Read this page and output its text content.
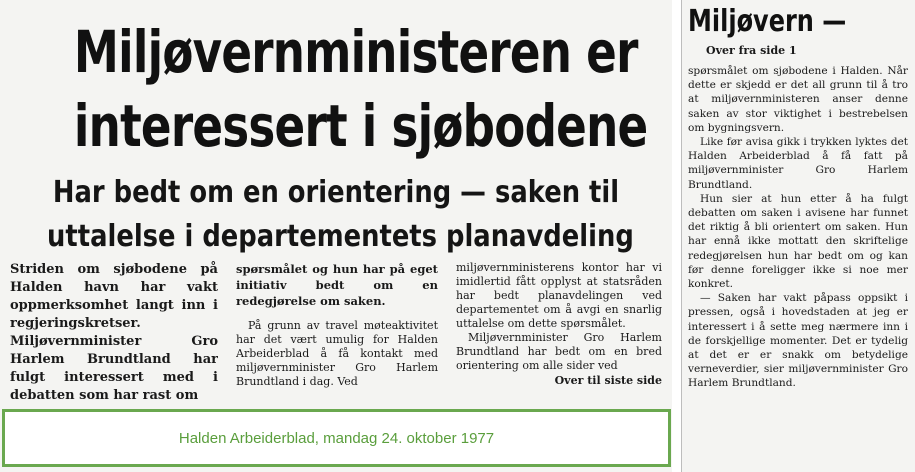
Miljøvernministeren er
interessert i sjøbodene
Har bedt om en orientering — saken til
uttalelse i departementets planavdeling

Striden om sjøbodene på Halden havn har vakt oppmerksomhet langt inn i regjeringskretser. Miljøvernminister Gro Harlem Brundtland har fulgt interessert med i debatten som har rast om

spørsmålet og hun har på eget initiativ bedt om en redegjørelse om saken.

På grunn av travel møteaktivitet har det vært umulig for Halden Arbeiderblad å få kontakt med miljøvernminister Gro Harlem Brundtland i dag. Ved

miljøvernministerens kontor har vi imidlertid fått opplyst at statsråden har bedt planavdelingen ved departementet om å avgi en snarlig uttalelse om dette spørsmålet.

Miljøvernminister Gro Harlem Brundtland har bedt om en bred orientering om alle sider ved

Over til siste side

Halden Arbeiderblad, mandag 24. oktober 1977
Miljøvern —

Over fra side 1

spørsmålet om sjøbodene i Halden. Når dette er skjedd er det all grunn til å tro at miljøvernministeren anser denne saken av stor viktighet i bestrebelsen om bygningsvern.

Like før avisa gikk i trykken lyktes det Halden Arbeiderblad å få fatt på miljøvernminister Gro Harlem Brundtland.

Hun sier at hun etter å ha fulgt debatten om saken i avisene har funnet det riktig å bli orientert om saken. Hun har ennå ikke mottatt den skriftelige redegjørelsen hun har bedt om og kan før denne foreligger ikke si noe mer konkret.

— Saken har vakt påpass oppsikt i pressen, også i hovedstaden at jeg er interessert i å sette meg nærmere inn i de forskjellige momenter. Det er tydelig at det er er snakk om betydelige verneverdier, sier miljøvernminister Gro Harlem Brundtland.
